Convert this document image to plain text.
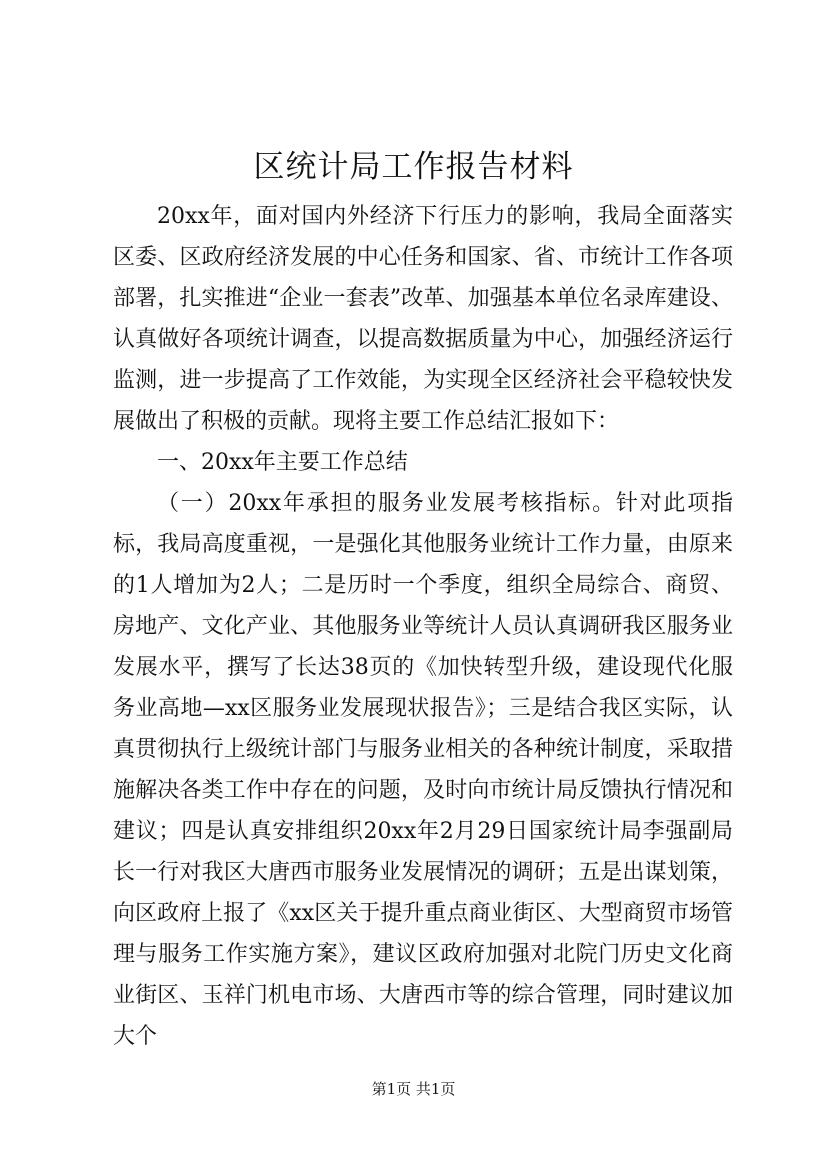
区统计局工作报告材料

20xx年，面对国内外经济下行压力的影响，我局全面落实区委、区政府经济发展的中心任务和国家、省、市统计工作各项部署，扎实推进“企业一套表”改革、加强基本单位名录库建设、认真做好各项统计调查，以提高数据质量为中心，加强经济运行监测，进一步提高了工作效能，为实现全区经济社会平稳较快发展做出了积极的贡献。现将主要工作总结汇报如下：

一、20xx年主要工作总结

（一）20xx年承担的服务业发展考核指标。针对此项指标，我局高度重视，一是强化其他服务业统计工作力量，由原来的1人增加为2人；二是历时一个季度，组织全局综合、商贸、房地产、文化产业、其他服务业等统计人员认真调研我区服务业发展水平，撰写了长达38页的《加快转型升级，建设现代化服务业高地—xx区服务业发展现状报告》；三是结合我区实际，认真贯彻执行上级统计部门与服务业相关的各种统计制度，采取措施解决各类工作中存在的问题，及时向市统计局反馈执行情况和建议；四是认真安排组织20xx年2月29日国家统计局李强副局长一行对我区大唐西市服务业发展情况的调研；五是出谋划策，向区政府上报了《xx区关于提升重点商业街区、大型商贸市场管理与服务工作实施方案》，建议区政府加强对北院门历史文化商业街区、玉祥门机电市场、大唐西市等的综合管理，同时建议加大个

第1页 共1页
